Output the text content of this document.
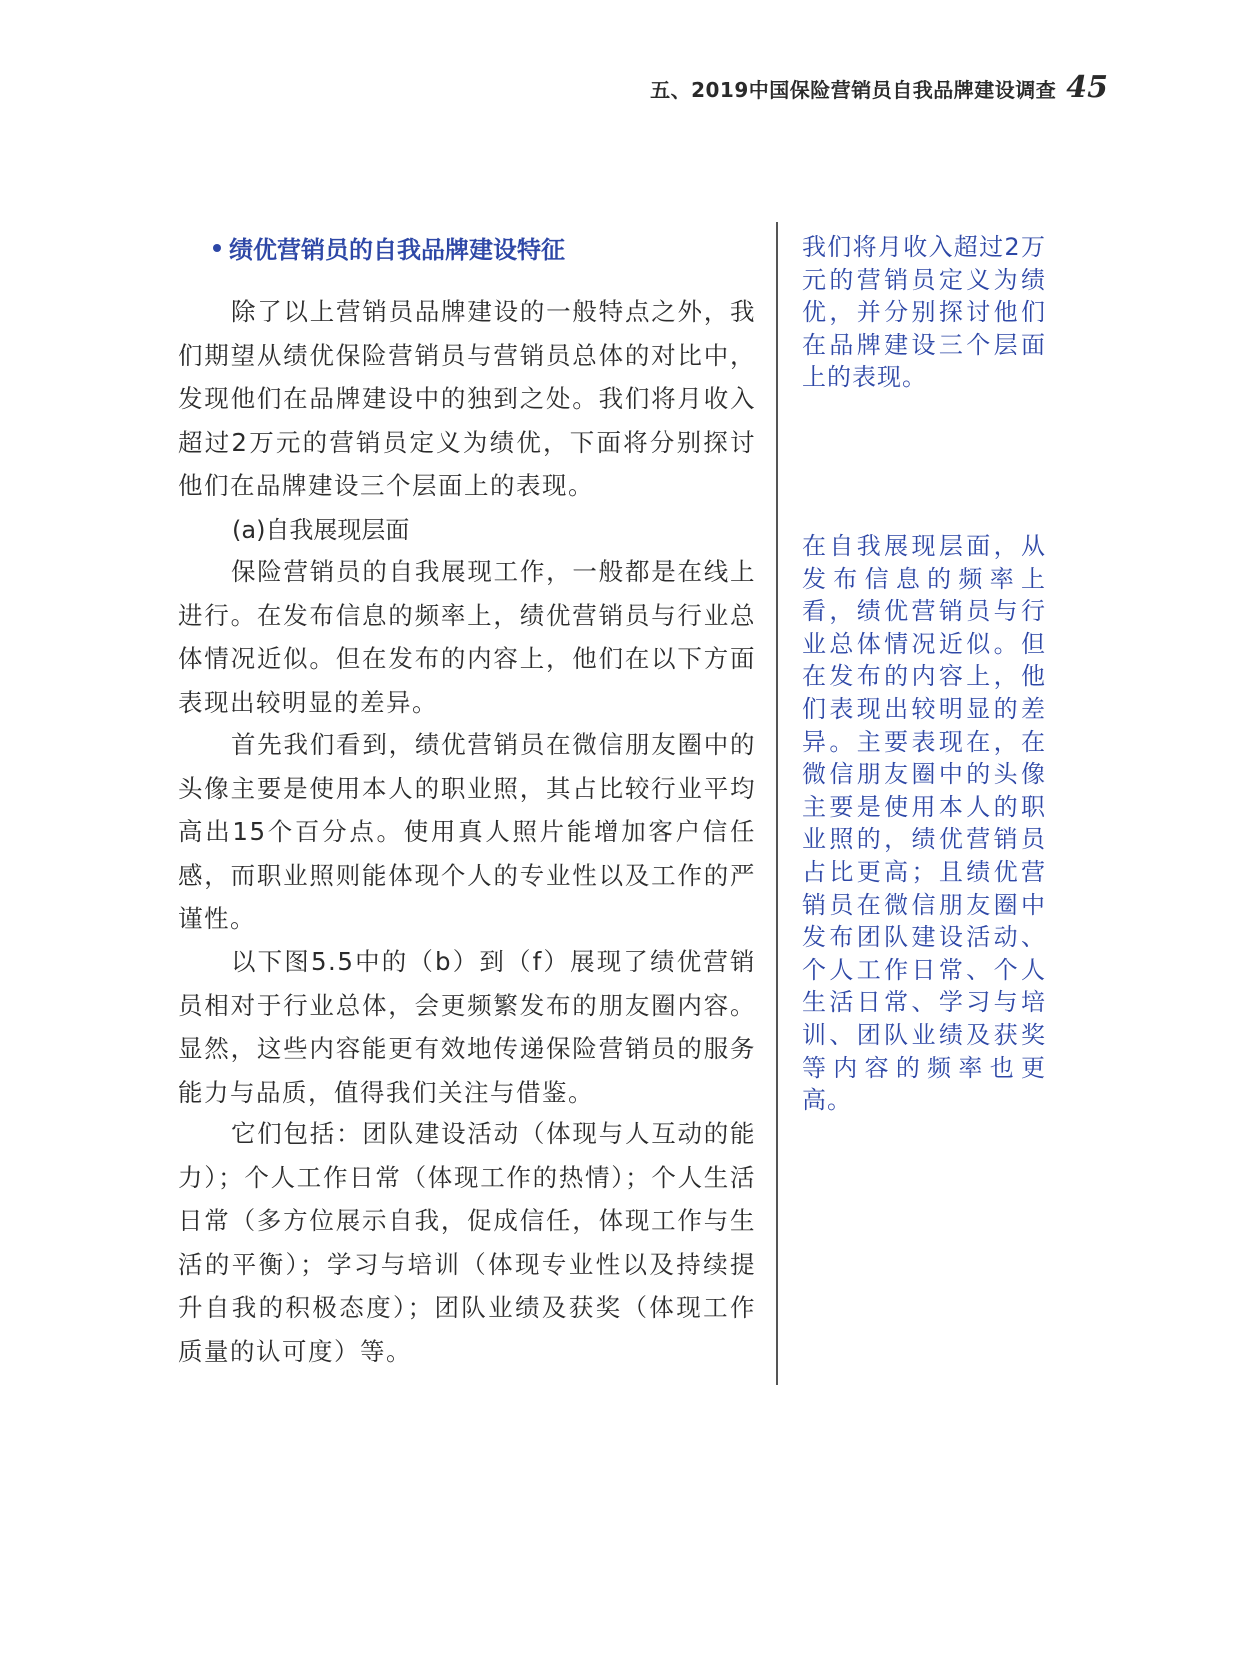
五、2019中国保险营销员自我品牌建设调查 45
绩优营销员的自我品牌建设特征

除了以上营销员品牌建设的一般特点之外，我们期望从绩优保险营销员与营销员总体的对比中，发现他们在品牌建设中的独到之处。我们将月收入超过2万元的营销员定义为绩优，下面将分别探讨他们在品牌建设三个层面上的表现。

(a)自我展现层面

保险营销员的自我展现工作，一般都是在线上进行。在发布信息的频率上，绩优营销员与行业总体情况近似。但在发布的内容上，他们在以下方面表现出较明显的差异。

首先我们看到，绩优营销员在微信朋友圈中的头像主要是使用本人的职业照，其占比较行业平均高出15个百分点。使用真人照片能增加客户信任感，而职业照则能体现个人的专业性以及工作的严谨性。

以下图5.5中的（b）到（f）展现了绩优营销员相对于行业总体，会更频繁发布的朋友圈内容。显然，这些内容能更有效地传递保险营销员的服务能力与品质，值得我们关注与借鉴。

它们包括：团队建设活动（体现与人互动的能力）；个人工作日常（体现工作的热情）；个人生活日常（多方位展示自我，促成信任，体现工作与生活的平衡）；学习与培训（体现专业性以及持续提升自我的积极态度）；团队业绩及获奖（体现工作质量的认可度）等。

我们将月收入超过2万元的营销员定义为绩优，并分别探讨他们在品牌建设三个层面上的表现。

在自我展现层面，从发布信息的频率上看，绩优营销员与行业总体情况近似。但在发布的内容上，他们表现出较明显的差异。主要表现在，在微信朋友圈中的头像主要是使用本人的职业照的，绩优营销员占比更高；且绩优营销员在微信朋友圈中发布团队建设活动、个人工作日常、个人生活日常、学习与培训、团队业绩及获奖等内容的频率也更高。
